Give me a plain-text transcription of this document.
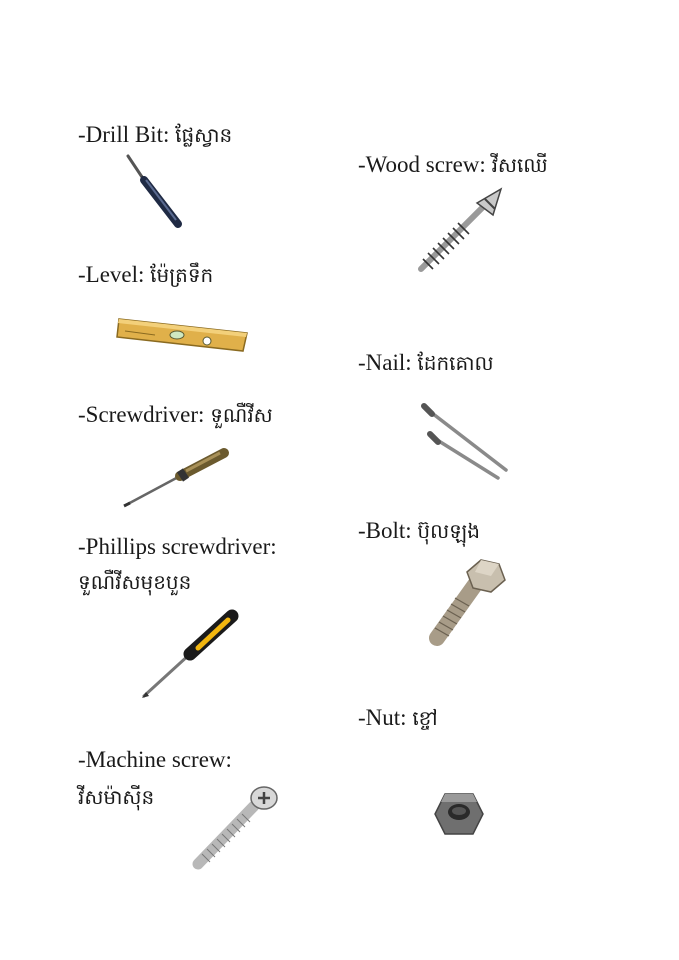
-Drill Bit: ផ្លែស្វាន
-Level: ម៉ែត្រទឹក
-Screwdriver: ទួណឺវីស
-Phillips screwdriver:
ទួណឺវីសមុខបួន
-Machine screw:
វីសម៉ាស៊ីន
-Wood screw: វីសឈើ
-Nail: ដែកគោល
-Bolt: ប៊ុលឡុង
-Nut: ខ្ចៅ
